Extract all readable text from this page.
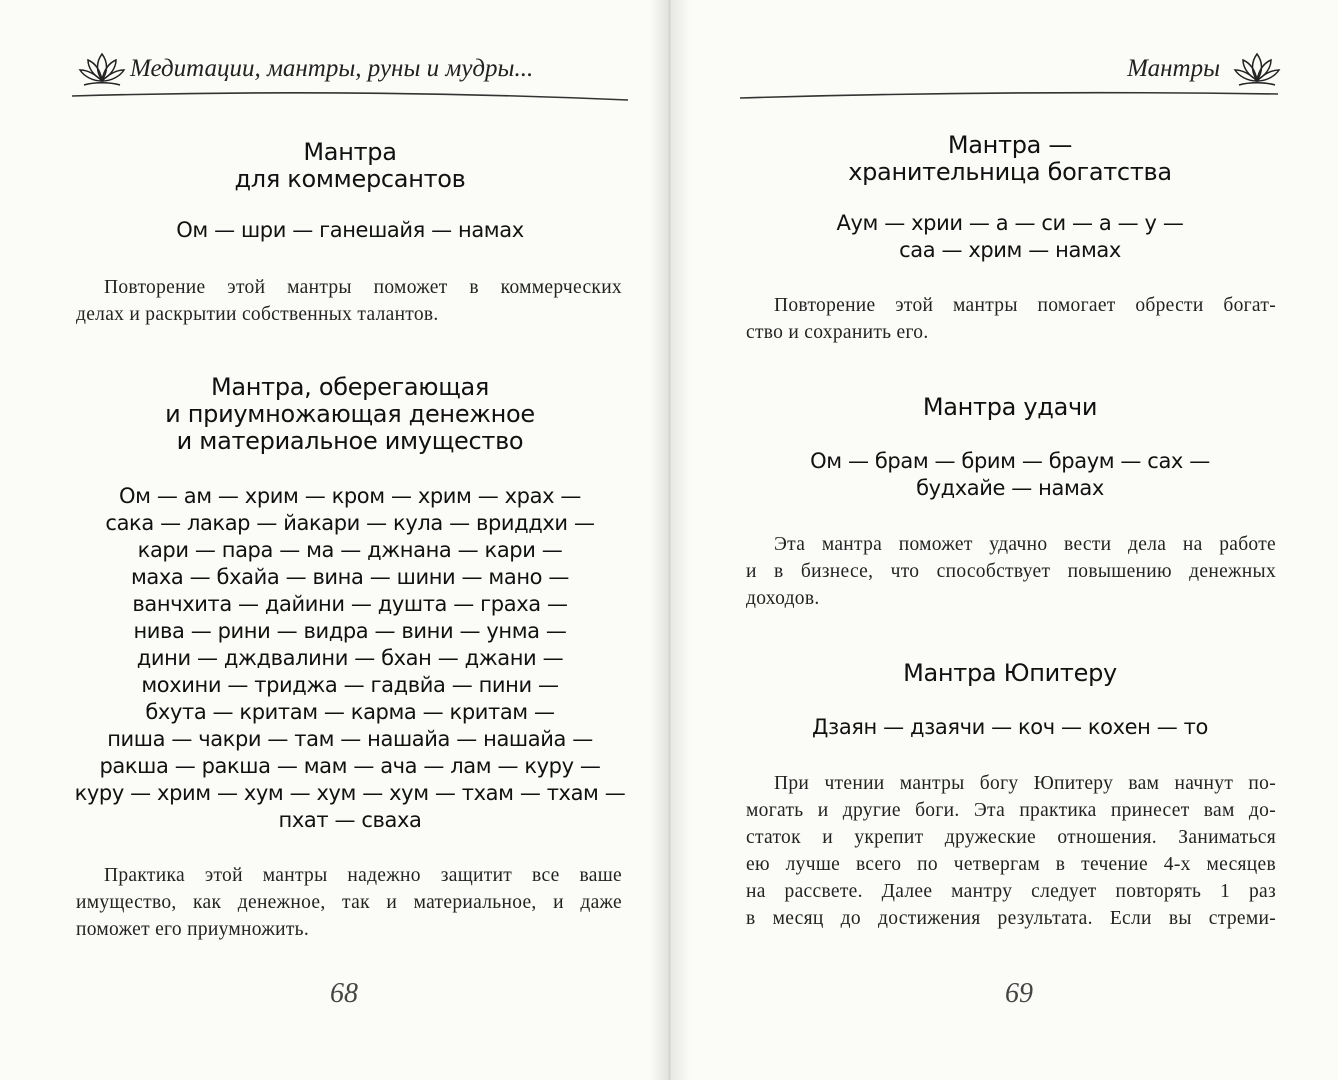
Медитации, мантры, руны и мудры...
Мантра
для коммерсантов
Ом — шри — ганешайя — намах
Повторение этой мантры поможет в коммерческих
делах и раскрытии собственных талантов.
Мантра, оберегающая
и приумножающая денежное
и материальное имущество
Ом — ам — хрим — кром — хрим — храх —
сака — лакар — йакари — кула — вриддхи —
кари — пара — ма — джнана — кари —
маха — бхайа — вина — шини — мано —
ванчхита — дайини — душта — граха —
нива — рини — видра — вини — унма —
дини — дждвалини — бхан — джани —
мохини — триджа — гадвйа — пини —
бхута — критам — карма — критам —
пиша — чакри — там — нашайа — нашайа —
ракша — ракша — мам — ача — лам — куру —
куру — хрим — хум — хум — хум — тхам — тхам —
пхат — сваха
Практика этой мантры надежно защитит все ваше
имущество, как денежное, так и материальное, и даже
поможет его приумножить.
68
Мантры
Мантра —
хранительница богатства
Аум — хрии — а — си — а — у —
саа — хрим — намах
Повторение этой мантры помогает обрести богат-
ство и сохранить его.
Мантра удачи
Ом — брам — брим — браум — сах —
будхайе — намах
Эта мантра поможет удачно вести дела на работе
и в бизнесе, что способствует повышению денежных
доходов.
Мантра Юпитеру
Дзаян — дзаячи — коч — кохен — то
При чтении мантры богу Юпитеру вам начнут по-
могать и другие боги. Эта практика принесет вам до-
статок и укрепит дружеские отношения. Заниматься
ею лучше всего по четвергам в течение 4-х месяцев
на рассвете. Далее мантру следует повторять 1 раз
в месяц до достижения результата. Если вы стреми-
69
